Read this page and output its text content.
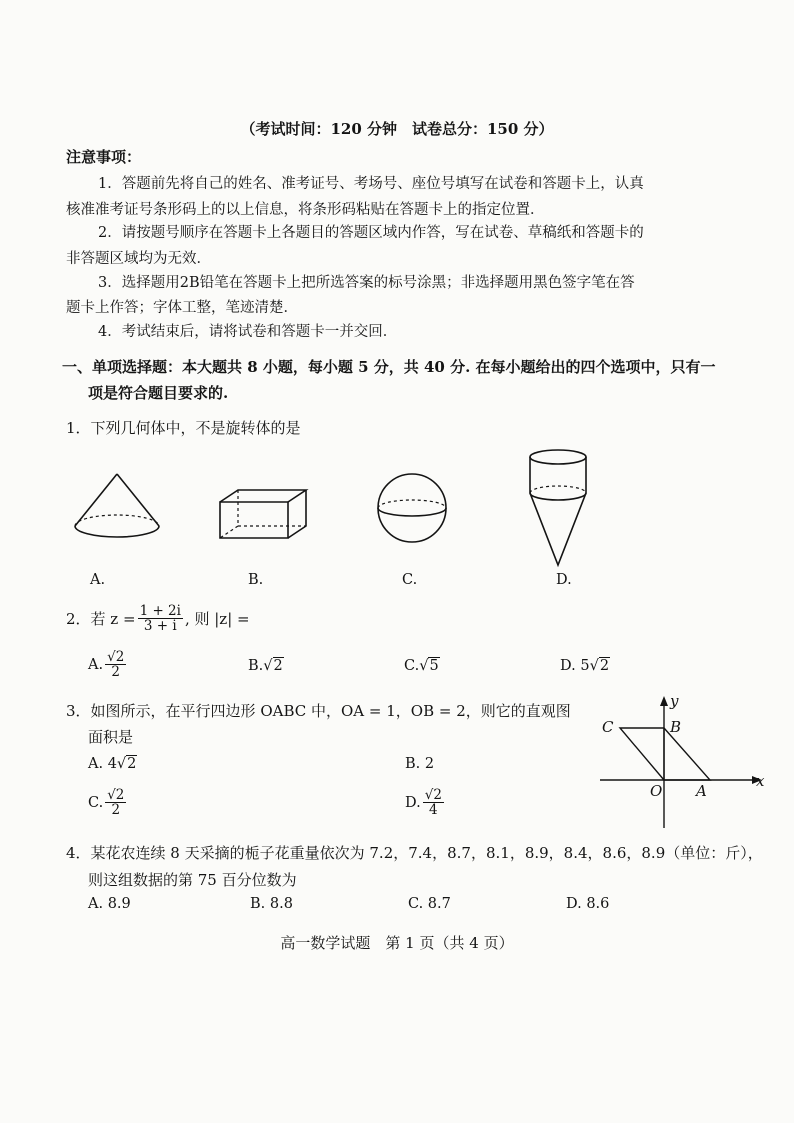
（考试时间：120 分钟　试卷总分：150 分）
注意事项：
1．答题前先将自己的姓名、准考证号、考场号、座位号填写在试卷和答题卡上，认真
核准准考证号条形码上的以上信息，将条形码粘贴在答题卡上的指定位置．
2．请按题号顺序在答题卡上各题目的答题区域内作答，写在试卷、草稿纸和答题卡的
非答题区域均为无效．
3．选择题用2B铅笔在答题卡上把所选答案的标号涂黑；非选择题用黑色签字笔在答
题卡上作答；字体工整，笔迹清楚．
4．考试结束后，请将试卷和答题卡一并交回．
一、单项选择题：本大题共 8 小题，每小题 5 分，共 40 分. 在每小题给出的四个选项中，只有一
项是符合题目要求的.
1．下列几何体中，不是旋转体的是
A.	B.	C.	D.
2．若 $z = \frac{1 + 2i}{3 + i}$ , 则 |z| =
A. $\frac{√2}{2}$	B.√2	C.√5	D. 5√2
3．如图所示，在平行四边形 OABC 中，OA = 1，OB = 2，则它的直观图
面积是
A. 4√2	B. 2
C. $\frac{√2}{2}$	D. $\frac{√2}{4}$
y
x
C	B
O A
4．某花农连续 8 天采摘的栀子花重量依次为 7.2，7.4，8.7，8.1，8.9，8.4，8.6，8.9（单位：斤），
则这组数据的第 75 百分位数为
A. 8.9	B. 8.8	C. 8.7	D. 8.6
高一数学试题　第 1 页（共 4 页）
